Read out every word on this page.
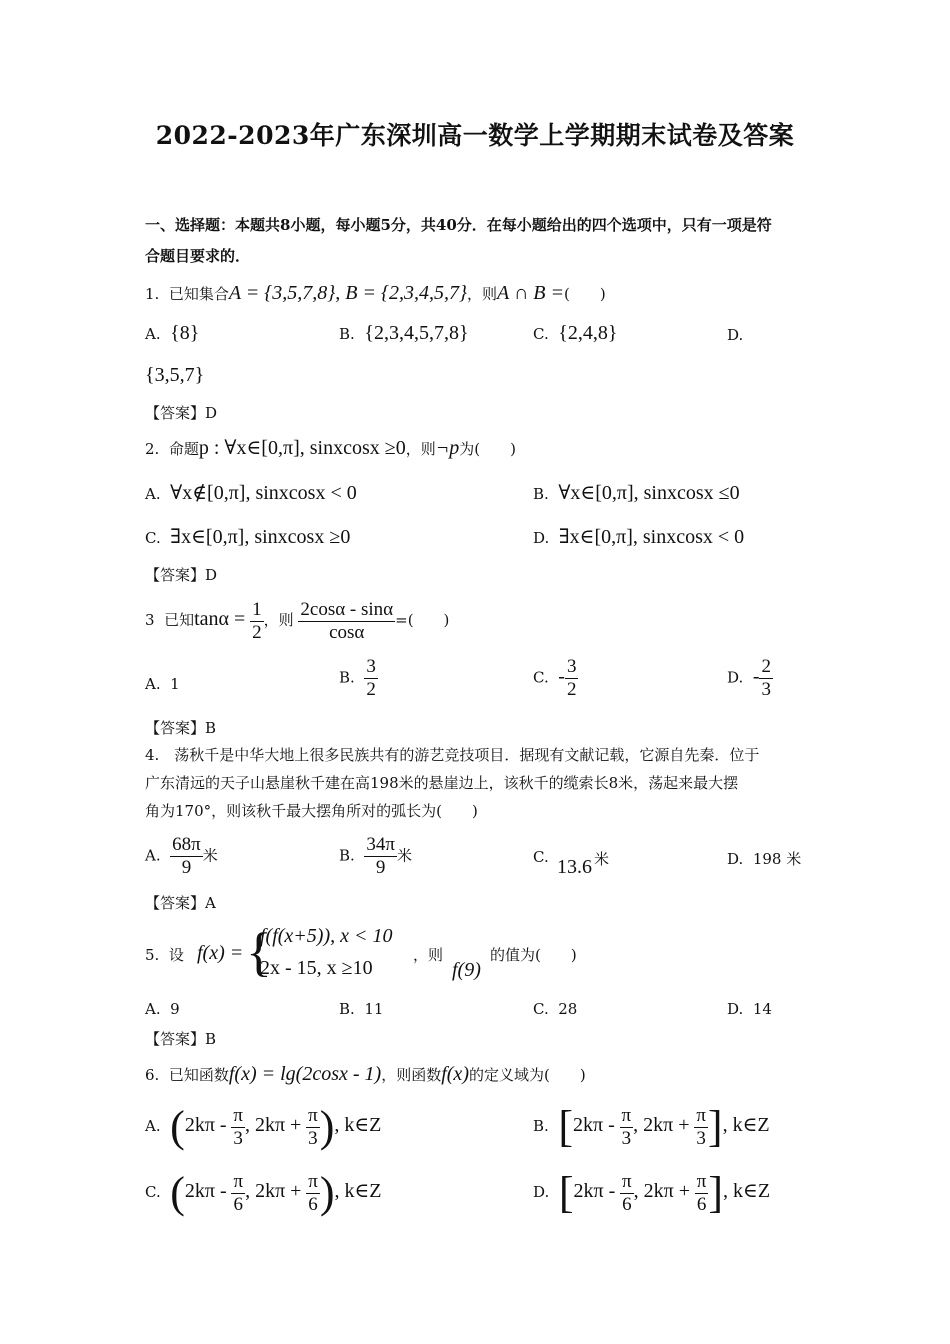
2022-2023年广东深圳高一数学上学期期末试卷及答案
一、选择题：本题共8小题，每小题5分，共40分．在每小题给出的四个选项中，只有一项是符
合题目要求的．
1. 已知集合A = {3,5,7,8}, B = {2,3,4,5,7}，则A ∩ B =(　　)
A. {8}	B. {2,3,4,5,7,8}	C. {2,4,8}	D.
{3,5,7}
【答案】D
2. 命题p : ∀x∈[0,π], sinxcosx ≥0，则¬p为(　　)
A. ∀x∉[0,π], sinxcosx < 0	B. ∀x∈[0,π], sinxcosx ≤0
C. ∃x∈[0,π], sinxcosx ≥0	D. ∃x∈[0,π], sinxcosx < 0
【答案】D
3 已知$\tan\alpha = \frac{1}{2}$ ，则 $\frac{2\cos\alpha - \sin\alpha}{\cos\alpha}$ =(　　)
A. 1	B. $\frac{3}{2}$	C. - $\frac{3}{2}$	D. - $\frac{2}{3}$
【答案】B
4.　荡秋千是中华大地上很多民族共有的游艺竞技项目．据现有文献记载，它源自先秦．位于
广东清远的天子山悬崖秋千建在高198米的悬崖边上，该秋千的缆索长8米，荡起来最大摆
角为170°，则该秋千最大摆角所对的弧长为(　　)
A. $\frac{68\pi}{9}$ 米	B. $\frac{34\pi}{9}$ 米	C. 13.6 米	D. 198 米
【答案】A
5. 设 f(x) = {
f(f(x+5)), x < 10
2x - 15, x ≥10
，则
f(9)
的值为(　　)
A. 9	B. 11	C. 28	D. 14
【答案】B
6. 已知函数f(x) = lg(2cosx - 1)，则函数f(x)的定义域为(　　)
A. ($2k\pi - \frac{\pi}{3}$ , $2k\pi + \frac{\pi}{3}$ ), k∈Z	B. [$2k\pi - \frac{\pi}{3}$ , $2k\pi + \frac{\pi}{3}$ ], k∈Z
C. ($2k\pi - \frac{\pi}{6}$ , $2k\pi + \frac{\pi}{6}$ ), k∈Z	D. [$2k\pi - \frac{\pi}{6}$ , $2k\pi + \frac{\pi}{6}$ ], k∈Z
